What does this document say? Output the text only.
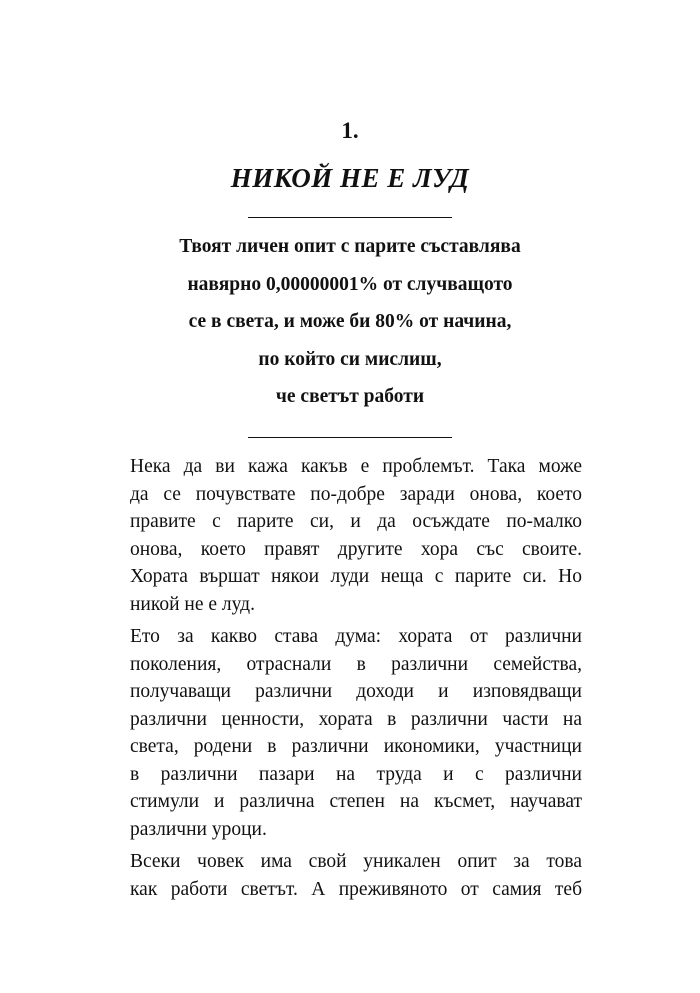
1.
НИКОЙ НЕ Е ЛУД
Твоят личен опит с парите съставлява
навярно 0,00000001% от случващото
се в света, и може би 80% от начина,
по който си мислиш,
че светът работи
Нека да ви кажа какъв е проблемът. Така може
да се почувствате по-добре заради онова, което
правите с парите си, и да осъждате по-малко
онова, което правят другите хора със своите.
Хората вършат някои луди неща с парите си. Но
никой не е луд.
Ето за какво става дума: хората от различни
поколения, отраснали в различни семейства,
получаващи различни доходи и изповядващи
различни ценности, хората в различни части на
света, родени в различни икономики, участници
в различни пазари на труда и с различни
стимули и различна степен на късмет, научават
различни уроци.
Всеки човек има свой уникален опит за това
как работи светът. А преживяното от самия теб
